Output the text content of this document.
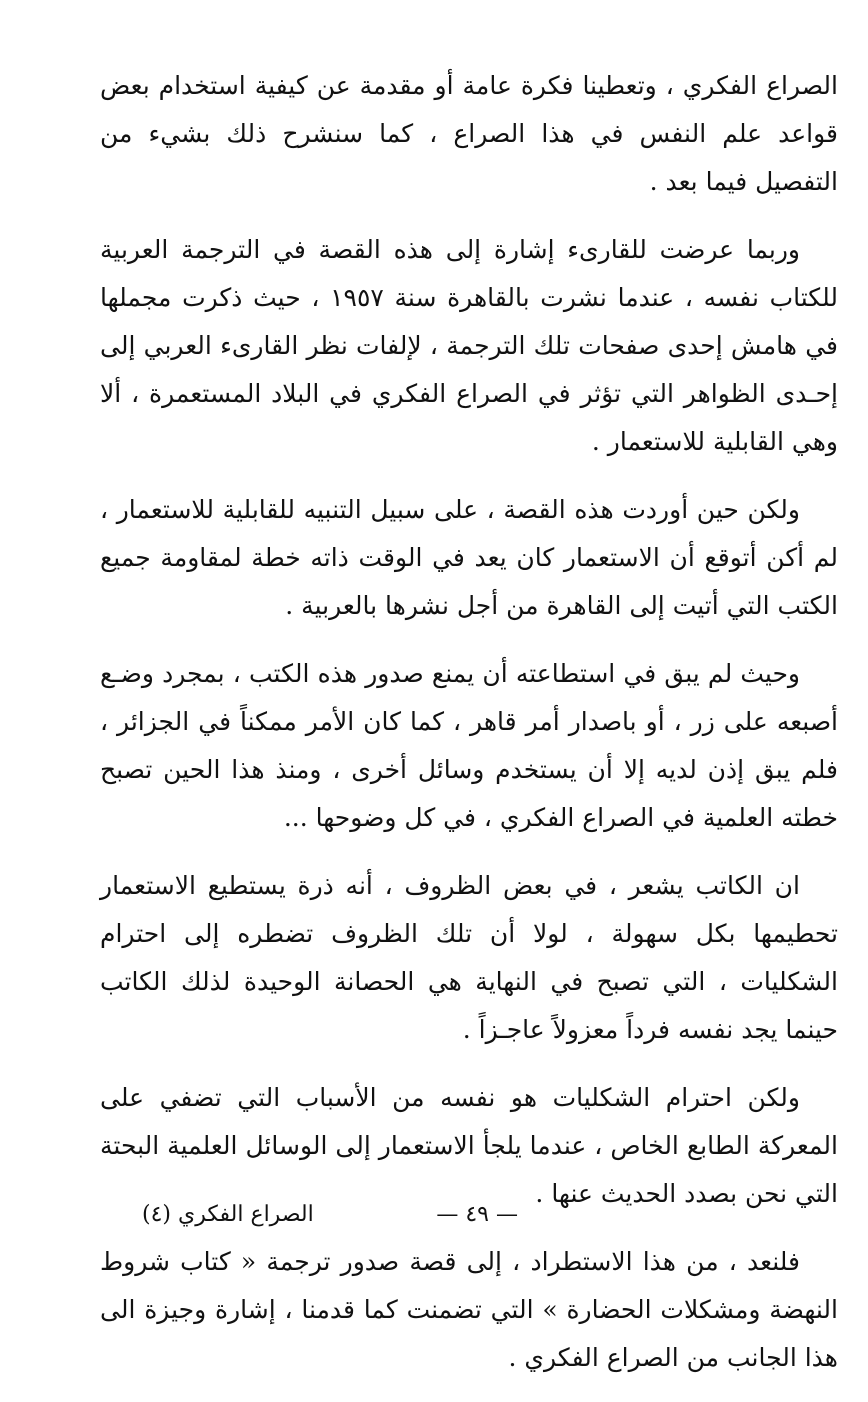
الصراع الفكري ، وتعطينا فكرة عامة أو مقدمة عن كيفية استخدام بعض قواعد علم النفس في هذا الصراع ، كما سنشرح ذلك بشيء من التفصيل فيما بعد .

وربما عرضت للقارىء إشارة إلى هذه القصة في الترجمة العربية للكتاب نفسه ، عندما نشرت بالقاهرة سنة ١٩٥٧ ، حيث ذكرت مجملها في هامش إحدى صفحات تلك الترجمة ، لإلفات نظر القارىء العربي إلى إحـدى الظواهر التي تؤثر في الصراع الفكري في البلاد المستعمرة ، ألا وهي القابلية للاستعمار .

ولكن حين أوردت هذه القصة ، على سبيل التنبيه للقابلية للاستعمار ، لم أكن أتوقع أن الاستعمار كان يعد في الوقت ذاته خطة لمقاومة جميع الكتب التي أتيت إلى القاهرة من أجل نشرها بالعربية .

وحيث لم يبق في استطاعته أن يمنع صدور هذه الكتب ، بمجرد وضـع أصبعه على زر ، أو باصدار أمر قاهر ، كما كان الأمر ممكناً في الجزائر ، فلم يبق إذن لديه إلا أن يستخدم وسائل أخرى ، ومنذ هذا الحين تصبح خطته العلمية في الصراع الفكري ، في كل وضوحها ...

ان الكاتب يشعر ، في بعض الظروف ، أنه ذرة يستطيع الاستعمار تحطيمها بكل سهولة ، لولا أن تلك الظروف تضطره إلى احترام الشكليات ، التي تصبح في النهاية هي الحصانة الوحيدة لذلك الكاتب حينما يجد نفسه فرداً معزولاً عاجـزاً .

ولكن احترام الشكليات هو نفسه من الأسباب التي تضفي على المعركة الطابع الخاص ، عندما يلجأ الاستعمار إلى الوسائل العلمية البحتة التي نحن بصدد الحديث عنها .

فلنعد ، من هذا الاستطراد ، إلى قصة صدور ترجمة « كتاب شروط النهضة ومشكلات الحضارة » التي تضمنت كما قدمنا ، إشارة وجيزة الى هذا الجانب من الصراع الفكري .

— ٤٩ —
الصراع الفكري (٤)
